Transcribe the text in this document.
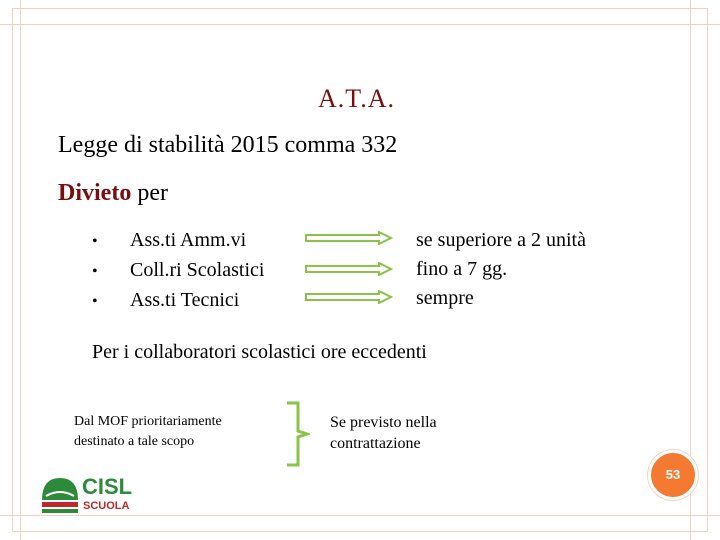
A.T.A.
Legge di stabilità 2015 comma 332
Divieto per
• Ass.ti Amm.vi
• Coll.ri Scolastici
• Ass.ti Tecnici
se superiore a 2 unità
fino a 7 gg.
sempre
Per i collaboratori scolastici ore eccedenti
Dal MOF prioritariamente
destinato a tale scopo
Se previsto nella
contrattazione
53
CISL
SCUOLA
